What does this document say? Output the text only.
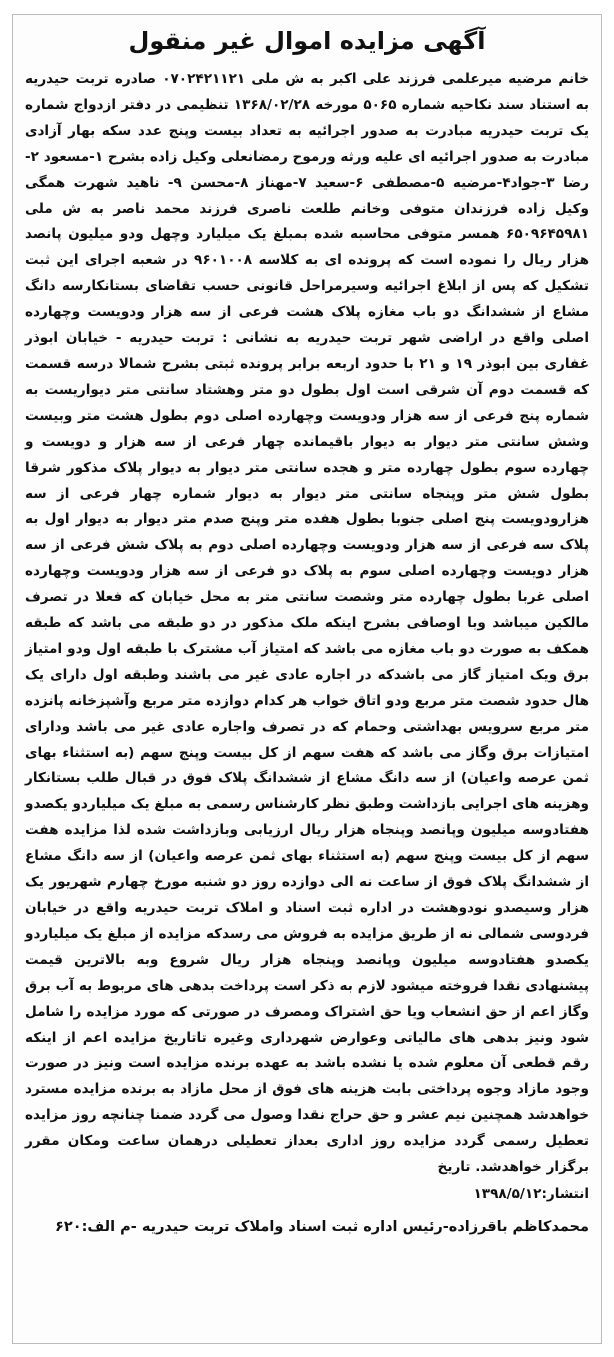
آگهی مزایده اموال غیر منقول

خانم مرضیه میرعلمی فرزند علی اکبر به ش ملی ۰۷۰۲۴۲۱۱۲۱ صادره تربت حیدریه به استناد سند نکاحیه شماره ۵۰۶۵ مورخه ۱۳۶۸/۰۲/۲۸ تنظیمی در دفتر ازدواج شماره یک تربت حیدریه مبادرت به صدور اجرائیه به تعداد بیست وپنج عدد سکه بهار آزادی مبادرت به صدور اجرائیه ای علیه ورثه ورموح رمضانعلی وکیل زاده بشرح ۱-مسعود ۲-رضا ۳-جواد۴-مرضیه ۵-مصطفی ۶-سعید ۷-مهناز ۸-محسن ۹- ناهید شهرت همگی وکیل زاده فرزندان متوفی وخانم طلعت ناصری فرزند محمد ناصر به ش ملی ۶۵۰۹۶۴۵۹۸۱ همسر متوفی محاسبه شده بمبلغ یک میلیارد وچهل ودو میلیون پانصد هزار ریال را نموده است که پرونده ای به کلاسه ۹۶۰۱۰۰۸ در شعبه اجرای این ثبت تشکیل که پس از ابلاغ اجرائیه وسیرمراحل قانونی حسب تقاضای بستانکارسه دانگ مشاع از ششدانگ دو باب مغازه پلاک هشت فرعی از سه هزار ودویست وچهارده اصلی واقع در اراضی شهر تربت حیدریه به نشانی : تربت حیدریه - خیابان ابوذر غفاری بین ابوذر ۱۹ و ۲۱ با حدود اربعه برابر پرونده ثبتی بشرح شمالا درسه قسمت که قسمت دوم آن شرقی است اول بطول دو متر وهشتاد سانتی متر دیواریست به شماره پنج فرعی از سه هزار ودویست وچهارده اصلی دوم بطول هشت متر وبیست وشش سانتی متر دیوار به دیوار باقیمانده چهار فرعی از سه هزار و دویست و چهارده سوم بطول چهارده متر و هجده سانتی متر دیوار به دیوار پلاک مذکور شرقا بطول شش متر وپنجاه سانتی متر دیوار به دیوار شماره چهار فرعی از سه هزارودویست پنج اصلی جنوبا بطول هفده متر وپنج صدم متر دیوار به دیوار اول به پلاک سه فرعی از سه هزار ودویست وچهارده اصلی دوم به پلاک شش فرعی از سه هزار دویست وچهارده اصلی سوم به پلاک دو فرعی از سه هزار ودویست وچهارده اصلی غربا بطول چهارده متر وشصت سانتی متر به محل خیابان که فعلا در تصرف مالکین میباشد وبا اوصافی بشرح اینکه ملک مذکور در دو طبقه می باشد که طبقه همکف به صورت دو باب مغازه می باشد که امتیاز آب مشترک با طبقه اول ودو امتیاز برق ویک امتیاز گاز می باشدکه در اجاره عادی غیر می باشند وطبقه اول دارای یک هال حدود شصت متر مربع ودو اتاق خواب هر کدام دوازده متر مربع وآشپزخانه پانزده متر مربع سرویس بهداشتی وحمام که در تصرف واجاره عادی غیر می باشد ودارای امتیازات برق وگاز می باشد که هفت سهم از کل بیست وپنج سهم (به استثناء بهای ثمن عرصه واعیان) از سه دانگ مشاع از ششدانگ پلاک فوق در قبال طلب بستانکار وهزینه های اجرایی بازداشت وطبق نظر کارشناس رسمی به مبلغ یک میلیاردو یکصدو هفتادوسه میلیون وپانصد وپنجاه هزار ریال ارزیابی وبازداشت شده لذا مزایده هفت سهم از کل بیست وپنج سهم (به استثناء بهای ثمن عرصه واعیان) از سه دانگ مشاع از ششدانگ پلاک فوق از ساعت نه الی دوازده روز دو شنبه مورخ چهارم شهریور یک هزار وسیصدو نودوهشت در اداره ثبت اسناد و املاک تربت حیدریه واقع در خیابان فردوسی شمالی نه از طریق مزایده به فروش می رسدکه مزایده از مبلغ یک میلیاردو یکصدو هفتادوسه میلیون وپانصد وپنجاه هزار ریال شروع وبه بالاترین قیمت پیشنهادی نقدا فروخته میشود لازم به ذکر است پرداخت بدهی های مربوط به آب برق وگاز اعم از حق انشعاب ویا حق اشتراک ومصرف در صورتی که مورد مزایده را شامل شود ونیز بدهی های مالیاتی وعوارض شهرداری وغیره تاتاریخ مزایده اعم از اینکه رقم قطعی آن معلوم شده یا نشده باشد به عهده برنده مزایده است ونیز در صورت وجود مازاد وجوه پرداختی بابت هزینه های فوق از محل مازاد به برنده مزایده مسترد خواهدشد همچنین نیم عشر و حق حراج نقدا وصول می گردد ضمنا چنانچه روز مزایده تعطیل رسمی گردد مزایده روز اداری بعداز تعطیلی درهمان ساعت ومکان مقرر برگزار خواهدشد. تاریخ

انتشار:۱۳۹۸/۵/۱۲

محمدکاظم باقرزاده-رئیس اداره ثبت اسناد واملاک تربت حیدریه -م الف:۶۲۰
